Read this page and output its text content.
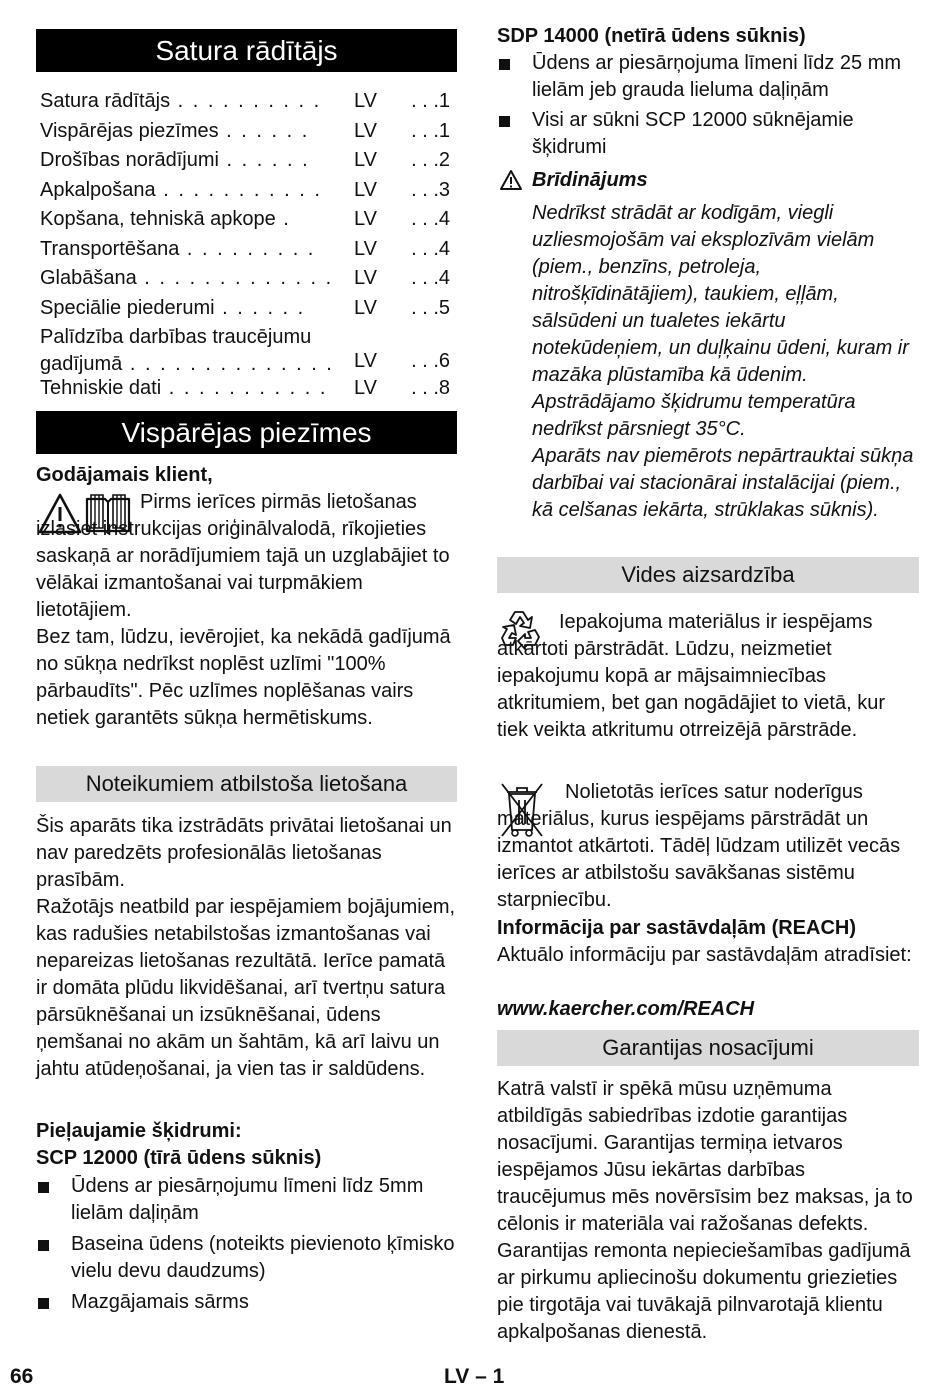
Satura rādītājs
Satura rādītājs . . . . . . . . . .	LV	. . .1
Vispārējas piezīmes . . . . . .	LV	. . .1
Drošības norādījumi . . . . . .	LV	. . .2
Apkalpošana . . . . . . . . . . .	LV	. . .3
Kopšana, tehniskā apkope .	LV	. . .4
Transportēšana . . . . . . . . .	LV	. . .4
Glabāšana . . . . . . . . . . . . .	LV	. . .4
Speciālie piederumi . . . . . .	LV	. . .5
Palīdzība darbības traucējumu
gadījumā . . . . . . . . . . . . . .	LV	. . .6
Tehniskie dati . . . . . . . . . . .	LV	. . .8
Vispārējas piezīmes

Godājamais klient,

Pirms ierīces pirmās lietošanas izlasiet instrukcijas oriģinālvalodā, rīkojieties saskaņā ar norādījumiem tajā un uzglabājiet to vēlākai izmantošanai vai turpmākiem lietotājiem.

Bez tam, lūdzu, ievērojiet, ka nekādā gadījumā no sūkņa nedrīkst noplēst uzlīmi "100% pārbaudīts". Pēc uzlīmes noplēšanas vairs netiek garantēts sūkņa hermētiskums.

Noteikumiem atbilstoša lietošana

Šis aparāts tika izstrādāts privātai lietošanai un nav paredzēts profesionālās lietošanas prasībām.

Ražotājs neatbild par iespējamiem bojājumiem, kas radušies netabilstošas izmantošanas vai nepareizas lietošanas rezultātā. Ierīce pamatā ir domāta plūdu likvidēšanai, arī tvertņu satura pārsūknēšanai un izsūknēšanai, ūdens ņemšanai no akām un šahtām, kā arī laivu un jahtu atūdeņošanai, ja vien tas ir saldūdens.

Pieļaujamie šķidrumi:

SCP 12000 (tīrā ūdens sūknis)

Ūdens ar piesārņojumu līmeni līdz 5mm lielām daļiņām
Baseina ūdens (noteikts pievienoto ķīmisko vielu devu daudzums)
Mazgājamais sārms

SDP 14000 (netīrā ūdens sūknis)

Ūdens ar piesārņojuma līmeni līdz 25 mm lielām jeb grauda lieluma daļiņām
Visi ar sūkni SCP 12000 sūknējamie šķidrumi

Brīdinājums

Nedrīkst strādāt ar kodīgām, viegli uzliesmojošām vai eksplozīvām vielām (piem., benzīns, petroleja, nitrošķīdinātājiem), taukiem, eļļām, sālsūdeni un tualetes iekārtu notekūdeņiem, un duļķainu ūdeni, kuram ir mazāka plūstamība kā ūdenim. Apstrādājamo šķidrumu temperatūra nedrīkst pārsniegt 35°C.

Aparāts nav piemērots nepārtrauktai sūkņa darbībai vai stacionārai instalācijai (piem., kā celšanas iekārta, strūklakas sūknis).

Vides aizsardzība

Iepakojuma materiālus ir iespējams atkārtoti pārstrādāt. Lūdzu, neizmetiet iepakojumu kopā ar mājsaimniecības atkritumiem, bet gan nogādājiet to vietā, kur tiek veikta atkritumu otrreizējā pārstrāde.

Nolietotās ierīces satur noderīgus materiālus, kurus iespējams pārstrādāt un izmantot atkārtoti. Tādēļ lūdzam utilizēt vecās ierīces ar atbilstošu savākšanas sistēmu starpniecību.

Informācija par sastāvdaļām (REACH)

Aktuālo informāciju par sastāvdaļām atradīsiet:

www.kaercher.com/REACH

Garantijas nosacījumi

Katrā valstī ir spēkā mūsu uzņēmuma atbildīgās sabiedrības izdotie garantijas nosacījumi. Garantijas termiņa ietvaros iespējamos Jūsu iekārtas darbības traucējumus mēs novērsīsim bez maksas, ja to cēlonis ir materiāla vai ražošanas defekts. Garantijas remonta nepieciešamības gadījumā ar pirkumu apliecinošu dokumentu griezieties pie tirgotāja vai tuvākajā pilnvarotajā klientu apkalpošanas dienestā.

66	LV – 1
